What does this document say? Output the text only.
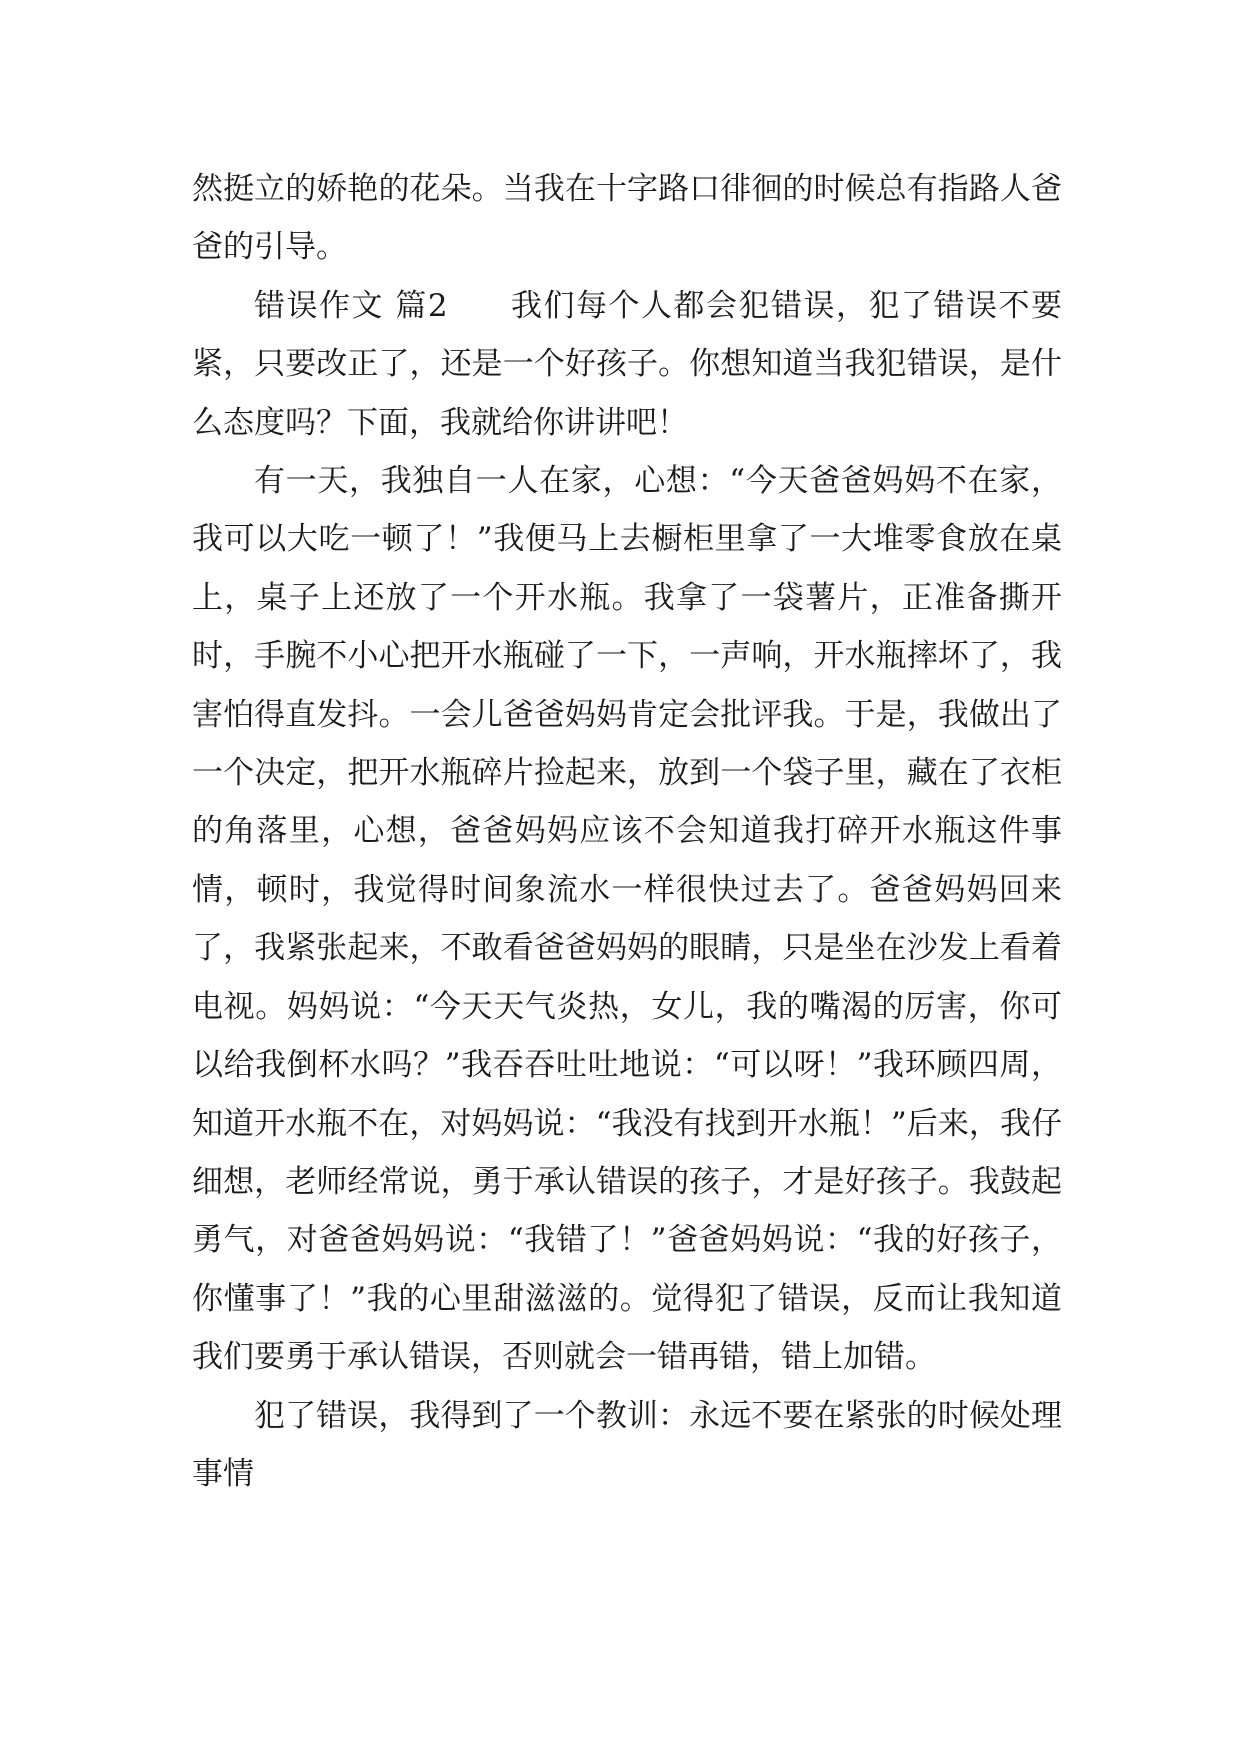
然挺立的娇艳的花朵。当我在十字路口徘徊的时候总有指路人爸爸的引导。

错误作文 篇2 我们每个人都会犯错误，犯了错误不要紧，只要改正了，还是一个好孩子。你想知道当我犯错误，是什么态度吗？下面，我就给你讲讲吧！

有一天，我独自一人在家，心想：“今天爸爸妈妈不在家，我可以大吃一顿了！”我便马上去橱柜里拿了一大堆零食放在桌上，桌子上还放了一个开水瓶。我拿了一袋薯片，正准备撕开时，手腕不小心把开水瓶碰了一下，一声响，开水瓶摔坏了，我害怕得直发抖。一会儿爸爸妈妈肯定会批评我。于是，我做出了一个决定，把开水瓶碎片捡起来，放到一个袋子里，藏在了衣柜的角落里，心想，爸爸妈妈应该不会知道我打碎开水瓶这件事情，顿时，我觉得时间象流水一样很快过去了。爸爸妈妈回来了，我紧张起来，不敢看爸爸妈妈的眼睛，只是坐在沙发上看着电视。妈妈说：“今天天气炎热，女儿，我的嘴渴的厉害，你可以给我倒杯水吗？”我吞吞吐吐地说：“可以呀！”我环顾四周，知道开水瓶不在，对妈妈说：“我没有找到开水瓶！”后来，我仔细想，老师经常说，勇于承认错误的孩子，才是好孩子。我鼓起勇气，对爸爸妈妈说：“我错了！”爸爸妈妈说：“我的好孩子，你懂事了！”我的心里甜滋滋的。觉得犯了错误，反而让我知道我们要勇于承认错误，否则就会一错再错，错上加错。

犯了错误，我得到了一个教训：永远不要在紧张的时候处理事情
